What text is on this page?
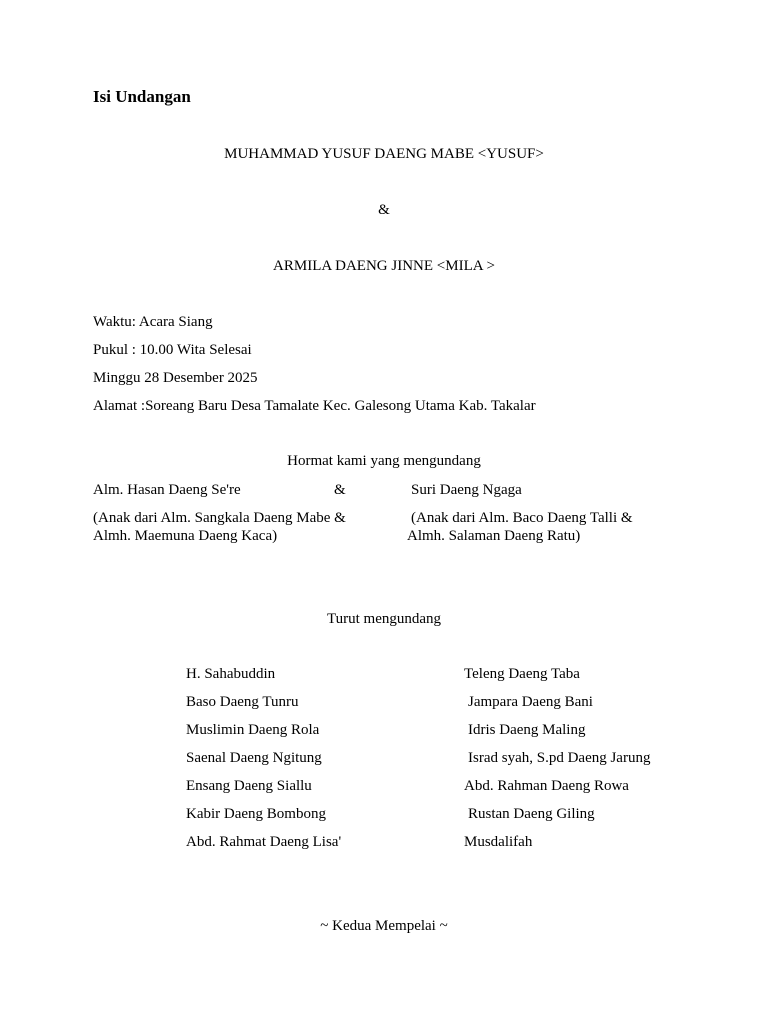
Isi Undangan
MUHAMMAD YUSUF DAENG MABE <YUSUF>
&
ARMILA DAENG JINNE <MILA >
Waktu: Acara Siang
Pukul : 10.00 Wita Selesai
Minggu 28 Desember 2025
Alamat :Soreang Baru Desa Tamalate Kec. Galesong Utama Kab. Takalar
Hormat kami yang mengundang
Alm. Hasan Daeng Se're	&	Suri Daeng Ngaga
(Anak dari Alm. Sangkala Daeng Mabe &
Almh. Maemuna Daeng Kaca)
(Anak dari Alm. Baco Daeng Talli &
Almh. Salaman Daeng Ratu)
Turut mengundang
H. Sahabuddin
Baso Daeng Tunru
Muslimin Daeng Rola
Saenal Daeng Ngitung
Ensang Daeng Siallu
Kabir Daeng Bombong
Abd. Rahmat Daeng Lisa'
Teleng Daeng Taba
Jampara Daeng Bani
Idris Daeng Maling
Israd syah, S.pd Daeng Jarung
Abd. Rahman Daeng Rowa
Rustan Daeng Giling
Musdalifah
~ Kedua Mempelai ~
